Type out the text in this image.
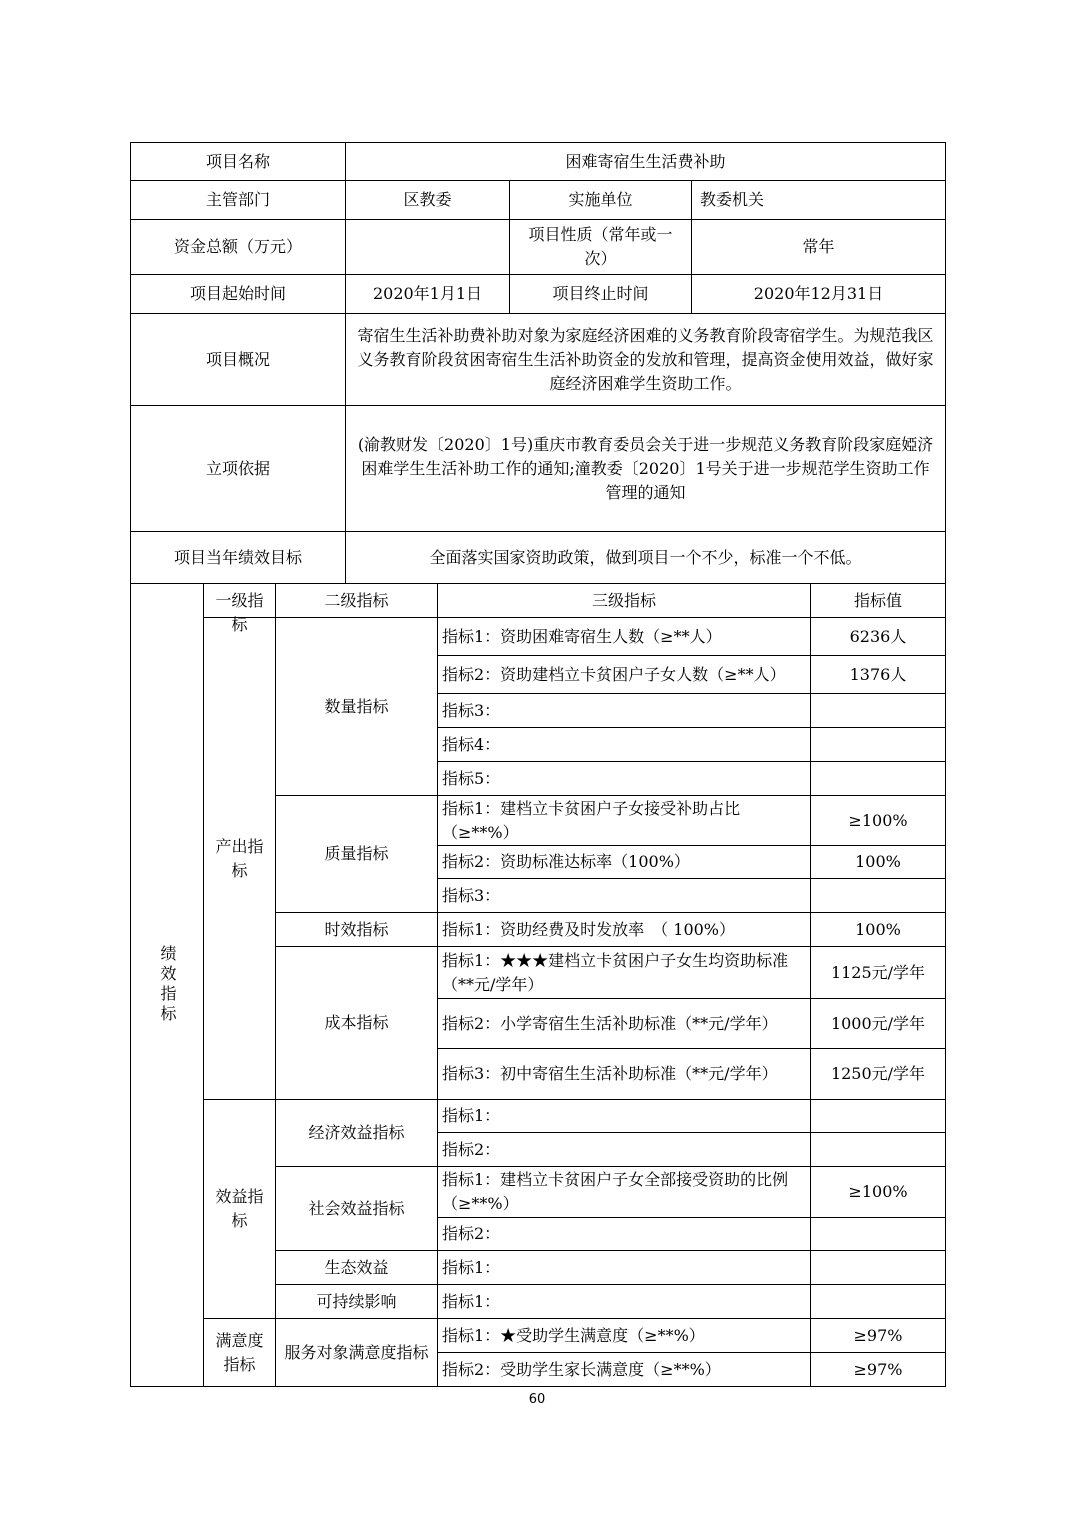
项目名称	困难寄宿生生活费补助		
主管部门	区教委	实施单位	教委机关
资金总额（万元）		项目性质（常年或一次）	常年
项目起始时间	2020年1月1日	项目终止时间	2020年12月31日
项目概况	寄宿生生活补助费补助对象为家庭经济困难的义务教育阶段寄宿学生。为规范我区义务教育阶段贫困寄宿生生活补助资金的发放和管理，提高资金使用效益，做好家庭经济困难学生资助工作。		
立项依据	(渝教财发〔2020〕1号)重庆市教育委员会关于进一步规范义务教育阶段家庭婭济困难学生生活补助工作的通知;潼教委〔2020〕1号关于进一步规范学生资助工作管理的通知		
项目当年绩效目标	全面落实国家资助政策，做到项目一个不少，标准一个不低。		
绩效指标	一级指标	二级指标	三级指标	指标值
	产出指标	数量指标	指标1：资助困难寄宿生人数（≥**人）	6236人

			指标2：资助建档立卡贫困户子女人数（≥**人）	1376人
			指标3：	
			指标4：	
			指标5：	
		质量指标	指标1：建档立卡贫困户子女接受补助占比（≥**%）	≥100%
			指标2：资助标准达标率（100%）	100%
			指标3：	
		时效指标	指标1：资助经费及时发放率　（ 100%）	100%
		成本指标	指标1：★★★建档立卡贫困户子女生均资助标准（**元/学年）	1125元/学年
			指标2：小学寄宿生生活补助标准（**元/学年）	1000元/学年
			指标3：初中寄宿生生活补助标准（**元/学年）	1250元/学年
	效益指标	经济效益指标	指标1：	
			指标2：	
		社会效益指标	指标1：建档立卡贫困户子女全部接受资助的比例（≥**%）	≥100%
			指标2：	
		生态效益	指标1：	
		可持续影响	指标1：	
	满意度指标	服务对象满意度指标	指标1：★受助学生满意度（≥**%）	≥97%
			指标2：受助学生家长满意度（≥**%）	≥97%
60
